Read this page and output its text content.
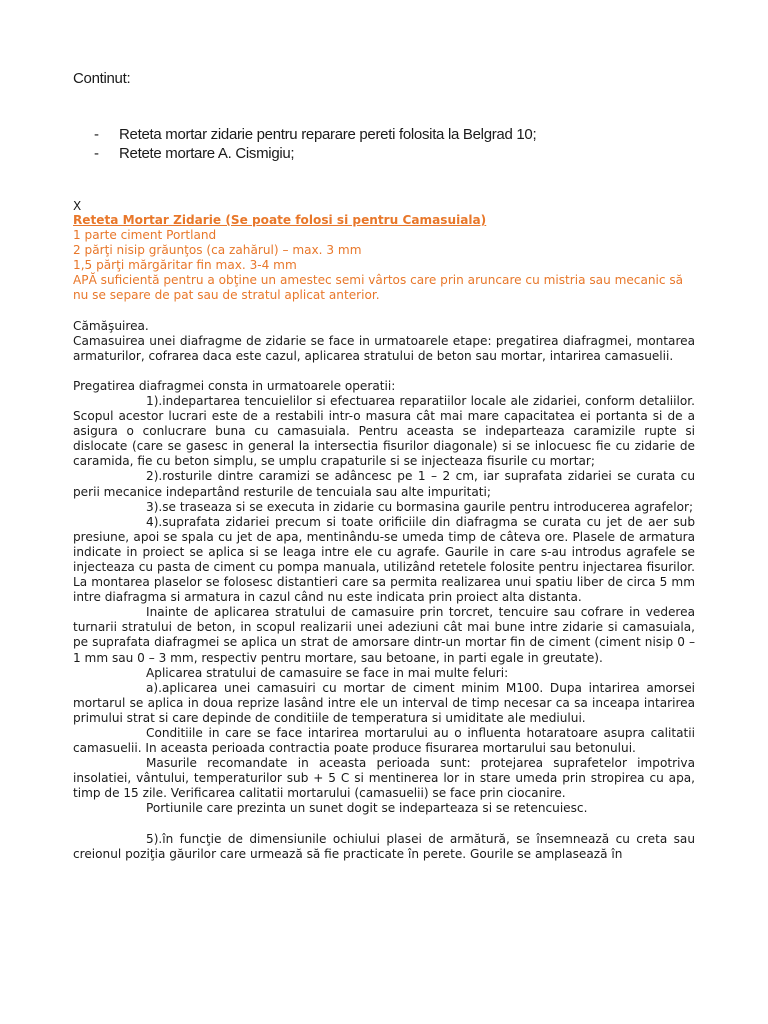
Continut:
- Reteta mortar zidarie pentru reparare pereti folosita la Belgrad 10;
- Retete mortare A. Cismigiu;
X
Reteta Mortar Zidarie (Se poate folosi si pentru Camasuiala)
1 parte ciment Portland
2 părţi nisip grăunţos (ca zahărul) – max. 3 mm
1,5 părţi mărgăritar fin max. 3-4 mm
APĂ suficientă pentru a obţine un amestec semi vârtos care prin aruncare cu mistria sau mecanic să nu se separe de pat sau de stratul aplicat anterior.

Cămăşuirea.

Camasuirea unei diafragme de zidarie se face in urmatoarele etape: pregatirea diafragmei, montarea armaturilor, cofrarea daca este cazul, aplicarea stratului de beton sau mortar, intarirea camasuelii.

Pregatirea diafragmei consta in urmatoarele operatii:

1).indepartarea tencuielilor si efectuarea reparatiilor locale ale zidariei, conform detaliilor. Scopul acestor lucrari este de a restabili intr-o masura cât mai mare capacitatea ei portanta si de a asigura o conlucrare buna cu camasuiala. Pentru aceasta se indeparteaza caramizile rupte si dislocate (care se gasesc in general la intersectia fisurilor diagonale) si se inlocuesc fie cu zidarie de caramida, fie cu beton simplu, se umplu crapaturile si se injecteaza fisurile cu mortar;

2).rosturile dintre caramizi se adâncesc pe 1 – 2 cm, iar suprafata zidariei se curata cu perii mecanice indepartând resturile de tencuiala sau alte impuritati;

3).se traseaza si se executa in zidarie cu bormasina gaurile pentru introducerea agrafelor;

4).suprafata zidariei precum si toate orificiile din diafragma se curata cu jet de aer sub presiune, apoi se spala cu jet de apa, mentinându-se umeda timp de câteva ore. Plasele de armatura indicate in proiect se aplica si se leaga intre ele cu agrafe. Gaurile in care s-au introdus agrafele se injecteaza cu pasta de ciment cu pompa manuala, utilizând retetele folosite pentru injectarea fisurilor. La montarea plaselor se folosesc distantieri care sa permita realizarea unui spatiu liber de circa 5 mm intre diafragma si armatura in cazul când nu este indicata prin proiect alta distanta.

Inainte de aplicarea stratului de camasuire prin torcret, tencuire sau cofrare in vederea turnarii stratului de beton, in scopul realizarii unei adeziuni cât mai bune intre zidarie si camasuiala, pe suprafata diafragmei se aplica un strat de amorsare dintr-un mortar fin de ciment (ciment nisip 0 – 1 mm sau 0 – 3 mm, respectiv pentru mortare, sau betoane, in parti egale in greutate).

Aplicarea stratului de camasuire se face in mai multe feluri:

a).aplicarea unei camasuiri cu mortar de ciment minim M100. Dupa intarirea amorsei mortarul se aplica in doua reprize lasând intre ele un interval de timp necesar ca sa inceapa intarirea primului strat si care depinde de conditiile de temperatura si umiditate ale mediului.

Conditiile in care se face intarirea mortarului au o influenta hotaratoare asupra calitatii camasuelii. In aceasta perioada contractia poate produce fisurarea mortarului sau betonului.

Masurile recomandate in aceasta perioada sunt: protejarea suprafetelor impotriva insolatiei, vântului, temperaturilor sub + 5 C si mentinerea lor in stare umeda prin stropirea cu apa, timp de 15 zile. Verificarea calitatii mortarului (camasuelii) se face prin ciocanire.

Portiunile care prezinta un sunet dogit se indeparteaza si se retencuiesc.

5).în funcţie de dimensiunile ochiului plasei de armătură, se însemnează cu creta sau creionul poziţia găurilor care urmează să fie practicate în perete. Gourile se amplasează în
